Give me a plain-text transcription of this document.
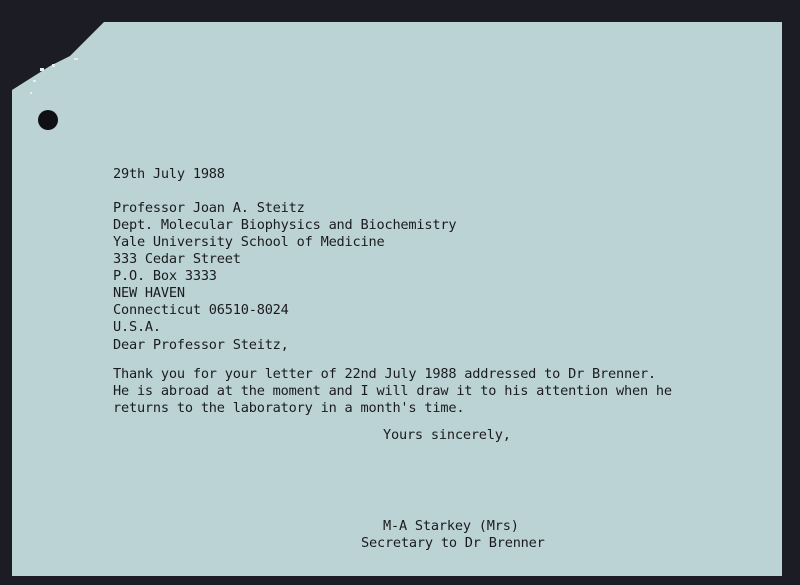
29th July 1988
Professor Joan A. Steitz
Dept. Molecular Biophysics and Biochemistry
Yale University School of Medicine
333 Cedar Street
P.O. Box 3333
NEW HAVEN
Connecticut 06510-8024
U.S.A.
Dear Professor Steitz,
Thank you for your letter of 22nd July 1988 addressed to Dr Brenner.
He is abroad at the moment and I will draw it to his attention when he
returns to the laboratory in a month's time.
Yours sincerely,
M-A Starkey (Mrs)
Secretary to Dr Brenner
